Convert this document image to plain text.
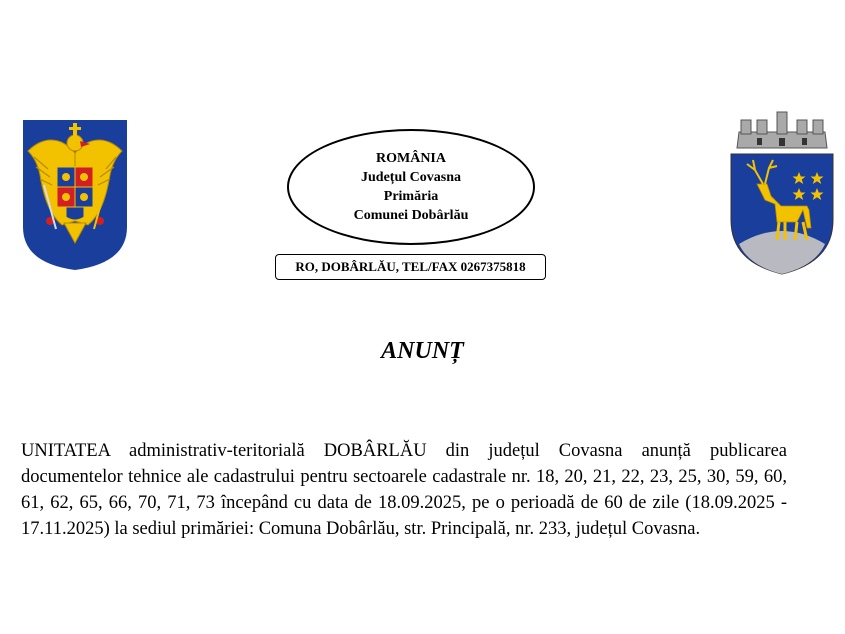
ROMÂNIA
Județul Covasna
Primăria
Comunei Dobârlău
RO, DOBÂRLĂU, TEL/FAX 0267375818
ANUNȚ

UNITATEA administrativ-teritorială DOBÂRLĂU din județul Covasna anunță publicarea documentelor tehnice ale cadastrului pentru sectoarele cadastrale nr. 18, 20, 21, 22, 23, 25, 30, 59, 60, 61, 62, 65, 66, 70, 71, 73 începând cu data de 18.09.2025, pe o perioadă de 60 de zile (18.09.2025 - 17.11.2025) la sediul primăriei: Comuna Dobârlău, str. Principală, nr. 233, județul Covasna.
